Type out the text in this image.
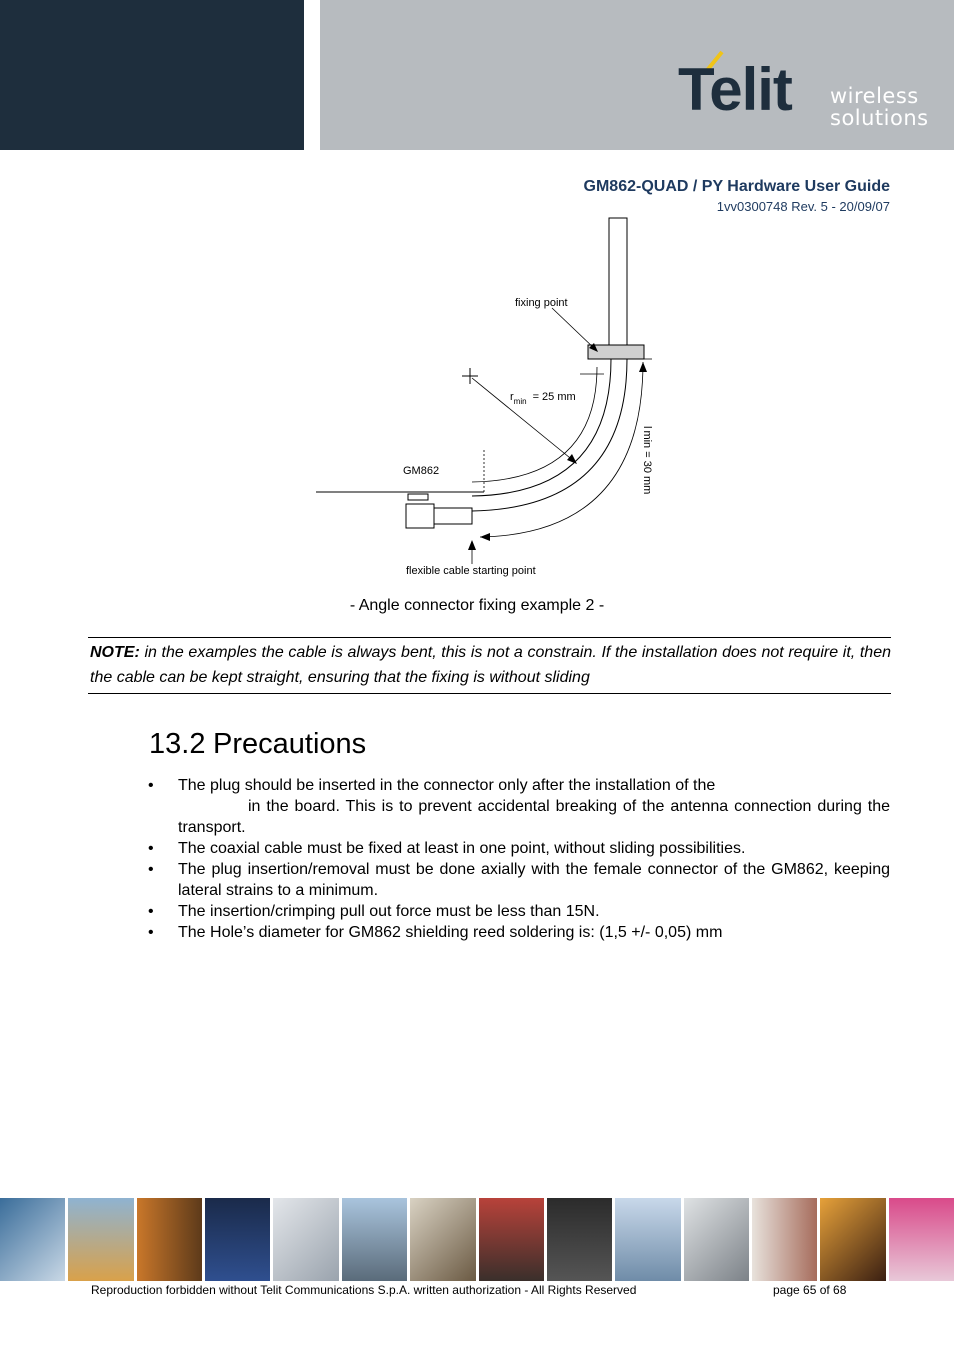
Telit wireless
solutions
GM862-QUAD / PY Hardware User Guide
1vv0300748 Rev. 5 - 20/09/07
fixing point
$r_{min} = 25$ mm
GM862
flexible cable starting point
lmin = 30 mm
- Angle connector fixing example 2 -
NOTE: in the examples the cable is always bent, this is not a constrain. If the installation does not require it, then the cable can be kept straight, ensuring that the fixing is without sliding
13.2 Precautions
• The plug should be inserted in the connector only after the installation of the
in the board. This is to prevent accidental breaking of the antenna connection during the transport.
• The coaxial cable must be fixed at least in one point, without sliding possibilities.
• The plug insertion/removal must be done axially with the female connector of the GM862, keeping lateral strains to a minimum.
• The insertion/crimping pull out force must be less than 15N.
• The Hole’s diameter for GM862 shielding reed soldering is: (1,5 +/- 0,05) mm
Reproduction forbidden without Telit Communications S.p.A. written authorization - All Rights Reserved	page 65 of 68
